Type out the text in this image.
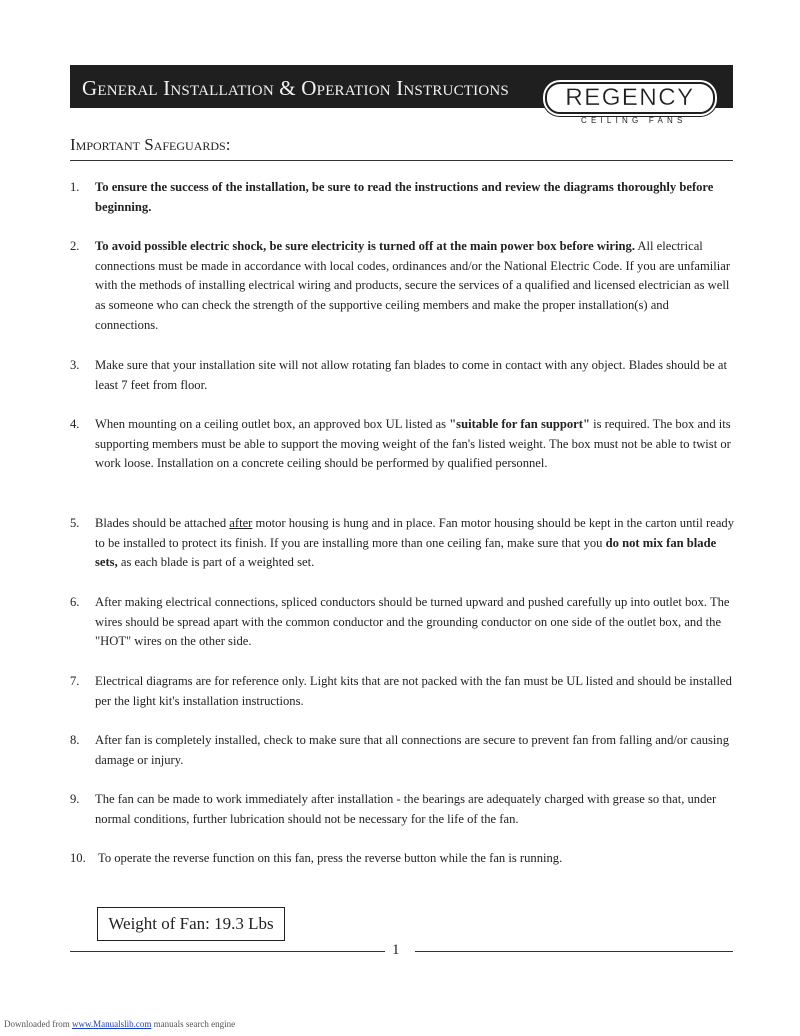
General Installation & Operation Instructions	REGENCY
CEILING FANS
Important Safeguards:
1.	To ensure the success of the installation, be sure to read the instructions and review the diagrams thoroughly before beginning.
2.	To avoid possible electric shock, be sure electricity is turned off at the main power box before wiring. All electrical connections must be made in accordance with local codes, ordinances and/or the National Electric Code. If you are unfamiliar with the methods of installing electrical wiring and products, secure the services of a qualified and licensed electrician as well as someone who can check the strength of the supportive ceiling members and make the proper installation(s) and connections.
3.	Make sure that your installation site will not allow rotating fan blades to come in contact with any object. Blades should be at least 7 feet from floor.
4.	When mounting on a ceiling outlet box, an approved box UL listed as "suitable for fan support" is required. The box and its supporting members must be able to support the moving weight of the fan's listed weight. The box must not be able to twist or work loose. Installation on a concrete ceiling should be performed by qualified personnel.
5.	Blades should be attached after motor housing is hung and in place. Fan motor housing should be kept in the carton until ready to be installed to protect its finish. If you are installing more than one ceiling fan, make sure that you do not mix fan blade sets, as each blade is part of a weighted set.
6.	After making electrical connections, spliced conductors should be turned upward and pushed carefully up into outlet box. The wires should be spread apart with the common conductor and the grounding conductor on one side of the outlet box, and the "HOT" wires on the other side.
7.	Electrical diagrams are for reference only. Light kits that are not packed with the fan must be UL listed and should be installed per the light kit's installation instructions.
8.	After fan is completely installed, check to make sure that all connections are secure to prevent fan from falling and/or causing damage or injury.
9.	The fan can be made to work immediately after installation - the bearings are adequately charged with grease so that, under normal conditions, further lubrication should not be necessary for the life of the fan.
10. To operate the reverse function on this fan, press the reverse button while the fan is running.
Weight of Fan: 19.3 Lbs
1
Downloaded from www.Manualslib.com manuals search engine
